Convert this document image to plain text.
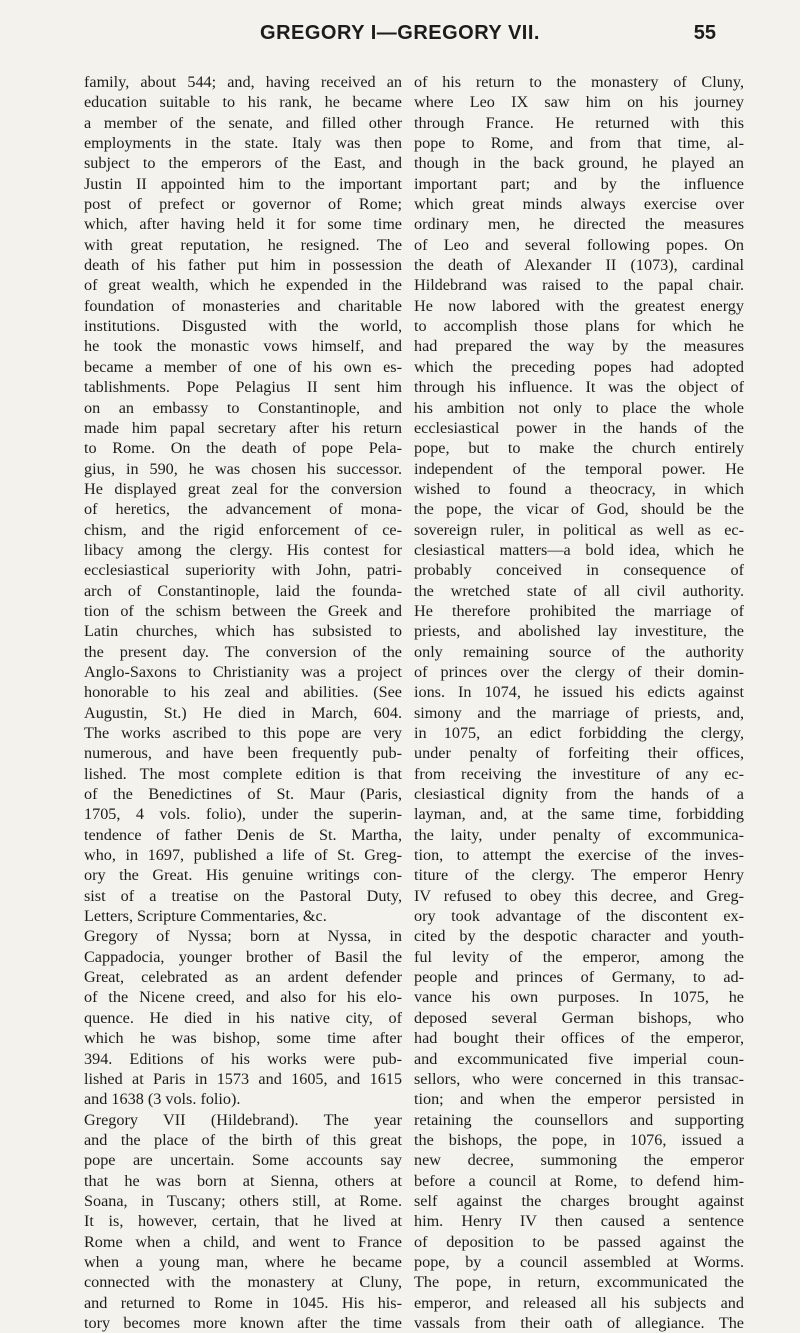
GREGORY I—GREGORY VII.	55
family, about 544; and, having received an
education suitable to his rank, he became
a member of the senate, and filled other
employments in the state. Italy was then
subject to the emperors of the East, and
Justin II appointed him to the important
post of prefect or governor of Rome;
which, after having held it for some time
with great reputation, he resigned. The
death of his father put him in possession
of great wealth, which he expended in the
foundation of monasteries and charitable
institutions. Disgusted with the world,
he took the monastic vows himself, and
became a member of one of his own es-
tablishments. Pope Pelagius II sent him
on an embassy to Constantinople, and
made him papal secretary after his return
to Rome. On the death of pope Pela-
gius, in 590, he was chosen his successor.
He displayed great zeal for the conversion
of heretics, the advancement of mona-
chism, and the rigid enforcement of ce-
libacy among the clergy. His contest for
ecclesiastical superiority with John, patri-
arch of Constantinople, laid the founda-
tion of the schism between the Greek and
Latin churches, which has subsisted to
the present day. The conversion of the
Anglo-Saxons to Christianity was a project
honorable to his zeal and abilities. (See
Augustin, St.) He died in March, 604.
The works ascribed to this pope are very
numerous, and have been frequently pub-
lished. The most complete edition is that
of the Benedictines of St. Maur (Paris,
1705, 4 vols. folio), under the superin-
tendence of father Denis de St. Martha,
who, in 1697, published a life of St. Greg-
ory the Great. His genuine writings con-
sist of a treatise on the Pastoral Duty,
Letters, Scripture Commentaries, &c.
Gregory of Nyssa; born at Nyssa, in
Cappadocia, younger brother of Basil the
Great, celebrated as an ardent defender
of the Nicene creed, and also for his elo-
quence. He died in his native city, of
which he was bishop, some time after
394. Editions of his works were pub-
lished at Paris in 1573 and 1605, and 1615
and 1638 (3 vols. folio).
Gregory VII (Hildebrand). The year
and the place of the birth of this great
pope are uncertain. Some accounts say
that he was born at Sienna, others at
Soana, in Tuscany; others still, at Rome.
It is, however, certain, that he lived at
Rome when a child, and went to France
when a young man, where he became
connected with the monastery at Cluny,
and returned to Rome in 1045. His his-
tory becomes more known after the time
of his return to the monastery of Cluny,
where Leo IX saw him on his journey
through France. He returned with this
pope to Rome, and from that time, al-
though in the back ground, he played an
important part; and by the influence
which great minds always exercise over
ordinary men, he directed the measures
of Leo and several following popes. On
the death of Alexander II (1073), cardinal
Hildebrand was raised to the papal chair.
He now labored with the greatest energy
to accomplish those plans for which he
had prepared the way by the measures
which the preceding popes had adopted
through his influence. It was the object of
his ambition not only to place the whole
ecclesiastical power in the hands of the
pope, but to make the church entirely
independent of the temporal power. He
wished to found a theocracy, in which
the pope, the vicar of God, should be the
sovereign ruler, in political as well as ec-
clesiastical matters—a bold idea, which he
probably conceived in consequence of
the wretched state of all civil authority.
He therefore prohibited the marriage of
priests, and abolished lay investiture, the
only remaining source of the authority
of princes over the clergy of their domin-
ions. In 1074, he issued his edicts against
simony and the marriage of priests, and,
in 1075, an edict forbidding the clergy,
under penalty of forfeiting their offices,
from receiving the investiture of any ec-
clesiastical dignity from the hands of a
layman, and, at the same time, forbidding
the laity, under penalty of excommunica-
tion, to attempt the exercise of the inves-
titure of the clergy. The emperor Henry
IV refused to obey this decree, and Greg-
ory took advantage of the discontent ex-
cited by the despotic character and youth-
ful levity of the emperor, among the
people and princes of Germany, to ad-
vance his own purposes. In 1075, he
deposed several German bishops, who
had bought their offices of the emperor,
and excommunicated five imperial coun-
sellors, who were concerned in this transac-
tion; and when the emperor persisted in
retaining the counsellors and supporting
the bishops, the pope, in 1076, issued a
new decree, summoning the emperor
before a council at Rome, to defend him-
self against the charges brought against
him. Henry IV then caused a sentence
of deposition to be passed against the
pope, by a council assembled at Worms.
The pope, in return, excommunicated the
emperor, and released all his subjects and
vassals from their oath of allegiance. The
